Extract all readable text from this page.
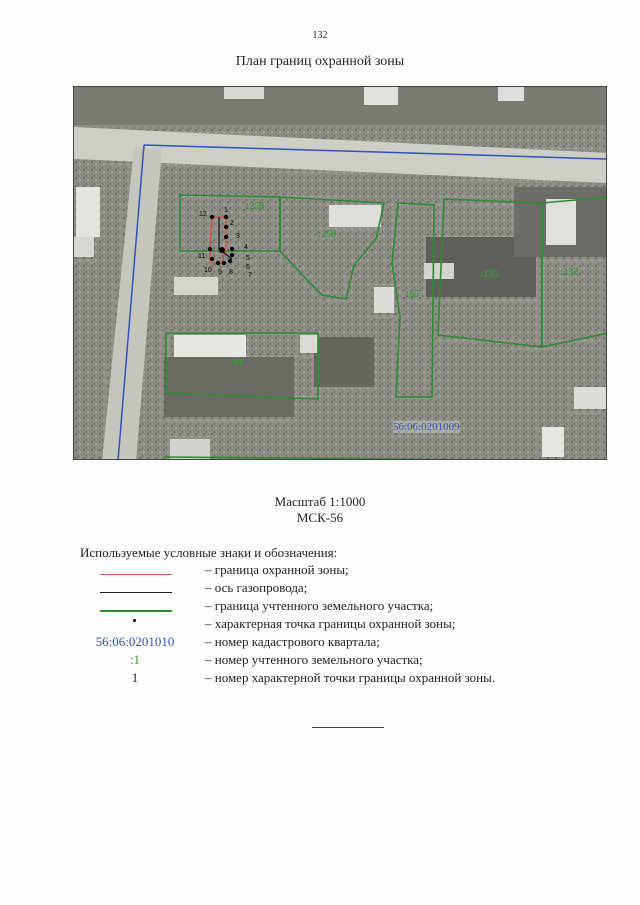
132
План границ охранной зоны
12
1
2
3
4
5
6
7
8
9
10
11
:258
:259
:65
:135	:132
:61
56:06:0201009
Масштаб 1:1000
МСК-56
Используемые условные знаки и обозначения:
– граница охранной зоны;
– ось газопровода;
– граница учтенного земельного участка;
– характерная точка границы охранной зоны;
56:06:0201010	– номер кадастрового квартала;
:1	– номер учтенного земельного участка;
1	– номер характерной точки границы охранной зоны.
